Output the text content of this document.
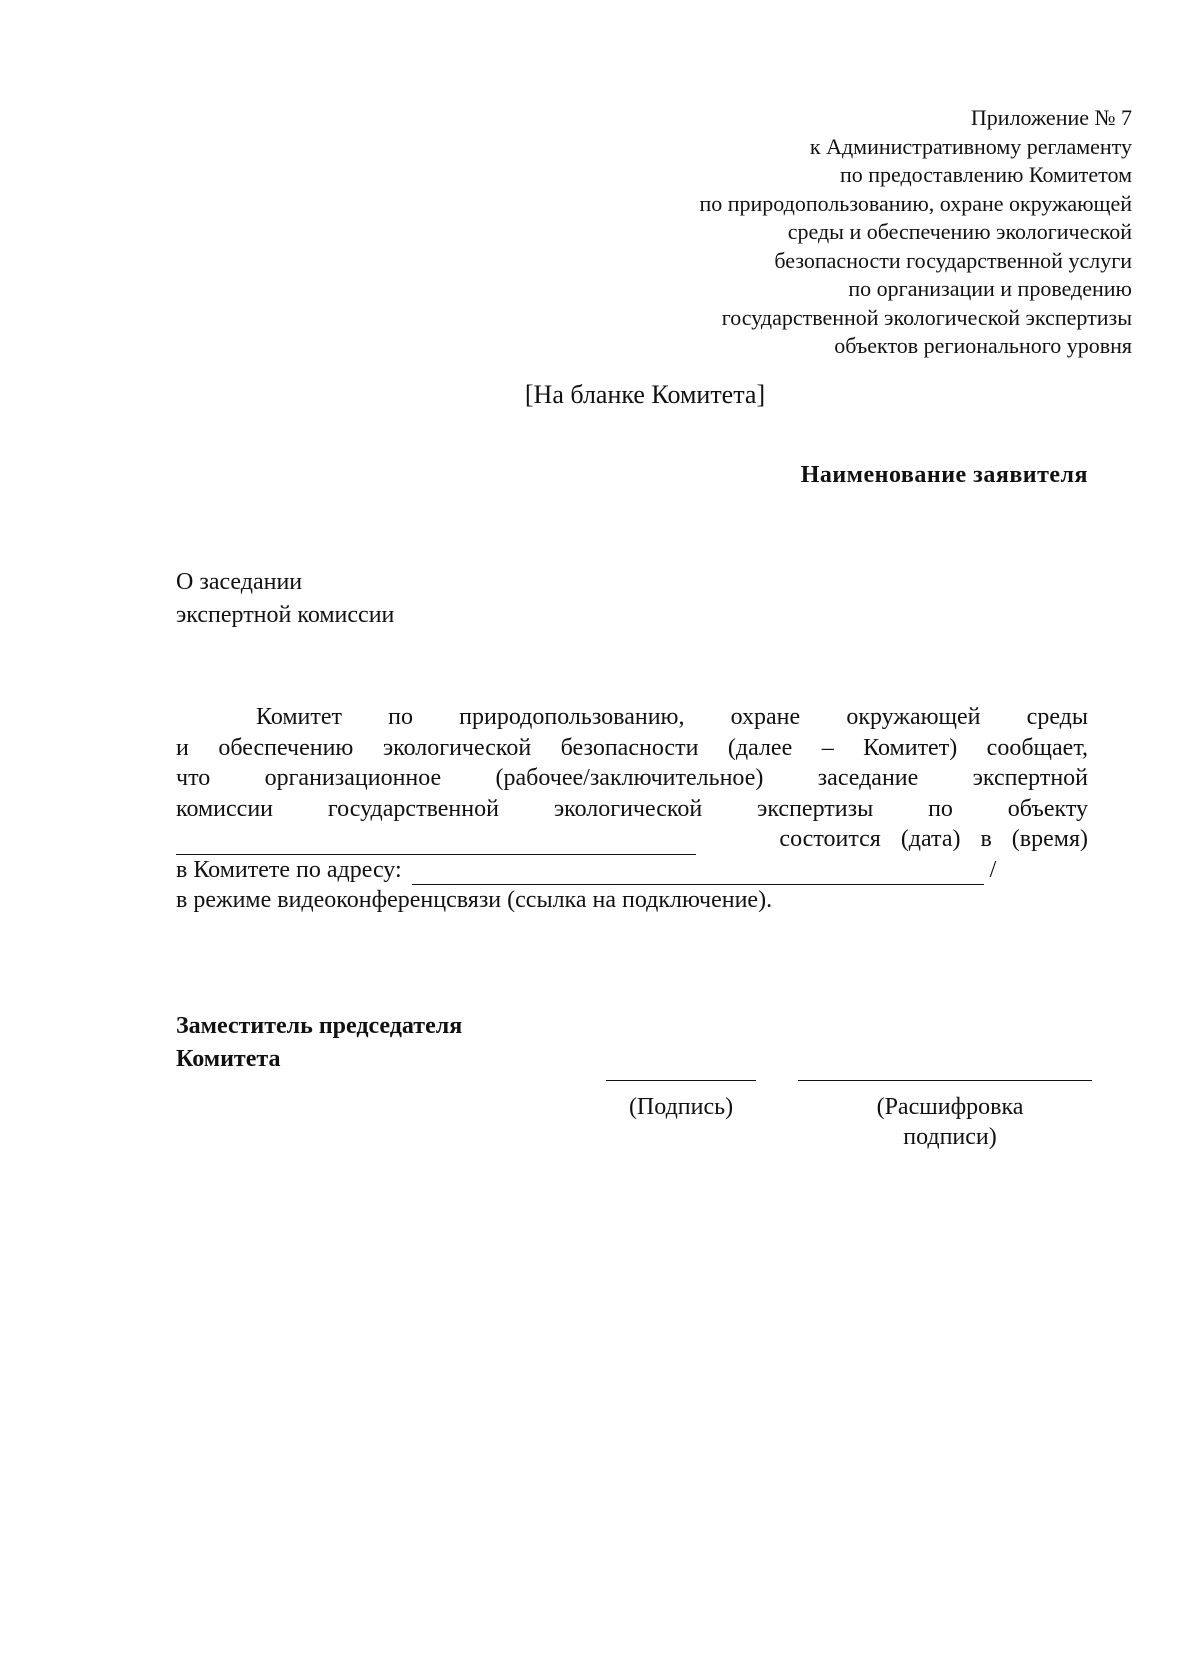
Приложение № 7
к Административному регламенту
по предоставлению Комитетом
по природопользованию, охране окружающей
среды и обеспечению экологической
безопасности государственной услуги
по организации и проведению
государственной экологической экспертизы
объектов регионального уровня
[На бланке Комитета]
Наименование заявителя
О заседании
экспертной комиссии
Комитет по природопользованию, охране окружающей среды
и обеспечению экологической безопасности (далее – Комитет) сообщает,
что организационное (рабочее/заключительное) заседание экспертной
комиссии государственной экологической экспертизы по объекту
состоится (дата) в (время)
в Комитете по адресу:	/
в режиме видеоконференцсвязи (ссылка на подключение).
Заместитель председателя
Комитета
(Подпись)	(Расшифровка
подписи)
